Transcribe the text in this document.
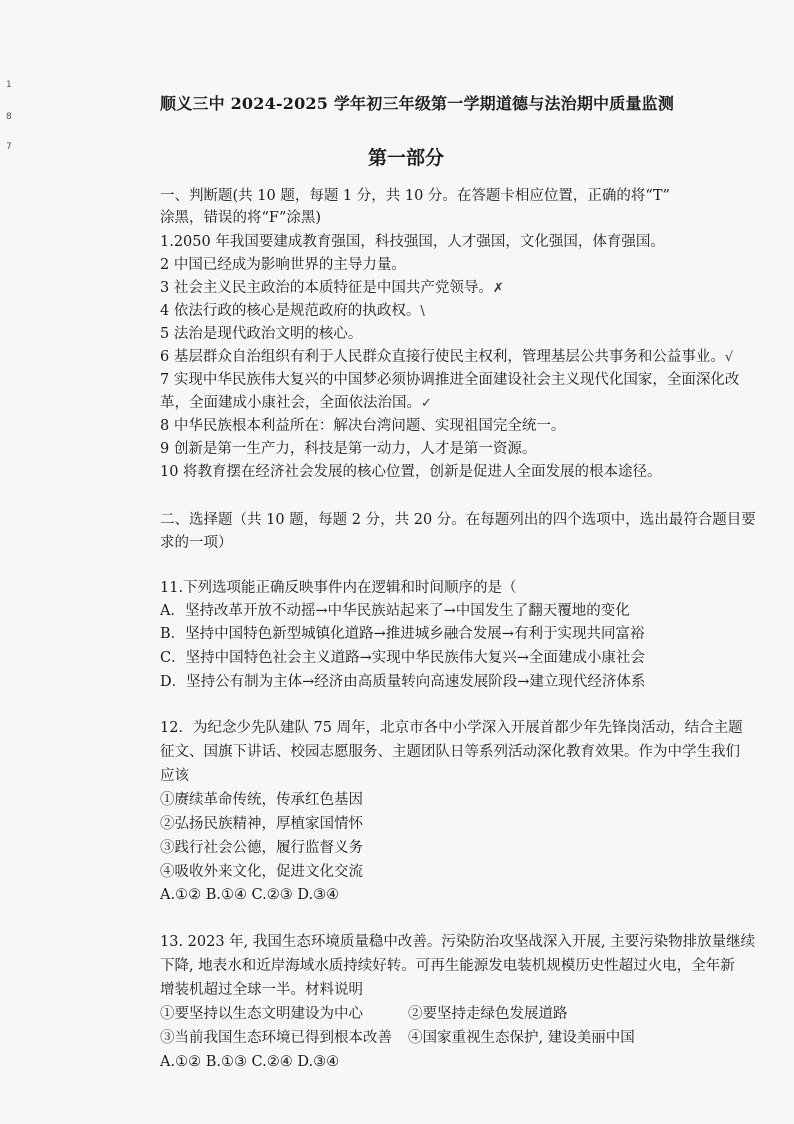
1
8
7
顺义三中 2024-2025 学年初三年级第一学期道德与法治期中质量监测
第一部分
一、判断题(共 10 题，每题 1 分，共 10 分。在答题卡相应位置，正确的将“T”
涂黑，错误的将“F”涂黑)
1.2050 年我国要建成教育强国，科技强国，人才强国，文化强国，体育强国。
2 中国已经成为影响世界的主导力量。
3 社会主义民主政治的本质特征是中国共产党领导。✗
4 依法行政的核心是规范政府的执政权。\
5 法治是现代政治文明的核心。
6 基层群众自治组织有利于人民群众直接行使民主权利，管理基层公共事务和公益事业。√
7 实现中华民族伟大复兴的中国梦必须协调推进全面建设社会主义现代化国家，全面深化改
革，全面建成小康社会，全面依法治国。✓
8 中华民族根本利益所在：解决台湾问题、实现祖国完全统一。
9 创新是第一生产力，科技是第一动力，人才是第一资源。
10 将教育摆在经济社会发展的核心位置，创新是促进人全面发展的根本途径。
二、选择题（共 10 题，每题 2 分，共 20 分。在每题列出的四个选项中，选出最符合题目要
求的一项）
11.下列选项能正确反映事件内在逻辑和时间顺序的是（
A．坚持改革开放不动摇→中华民族站起来了→中国发生了翻天覆地的变化
B．坚持中国特色新型城镇化道路→推进城乡融合发展→有利于实现共同富裕
C．坚持中国特色社会主义道路→实现中华民族伟大复兴→全面建成小康社会
D．坚持公有制为主体→经济由高质量转向高速发展阶段→建立现代经济体系
12．为纪念少先队建队 75 周年，北京市各中小学深入开展首都少年先锋岗活动，结合主题
征文、国旗下讲话、校园志愿服务、主题团队日等系列活动深化教育效果。作为中学生我们
应该
①赓续革命传统，传承红色基因
②弘扬民族精神，厚植家国情怀
③践行社会公德，履行监督义务
④吸收外来文化，促进文化交流
A.①② B.①④ C.②③ D.③④
13. 2023 年, 我国生态环境质量稳中改善。污染防治攻坚战深入开展, 主要污染物排放量继续
下降, 地表水和近岸海域水质持续好转。可再生能源发电装机规模历史性超过火电，全年新
增装机超过全球一半。材料说明
①要坚持以生态文明建设为中心	②要坚持走绿色发展道路
③当前我国生态环境已得到根本改善 ④国家重视生态保护, 建设美丽中国
A.①② B.①③ C.②④ D.③④
